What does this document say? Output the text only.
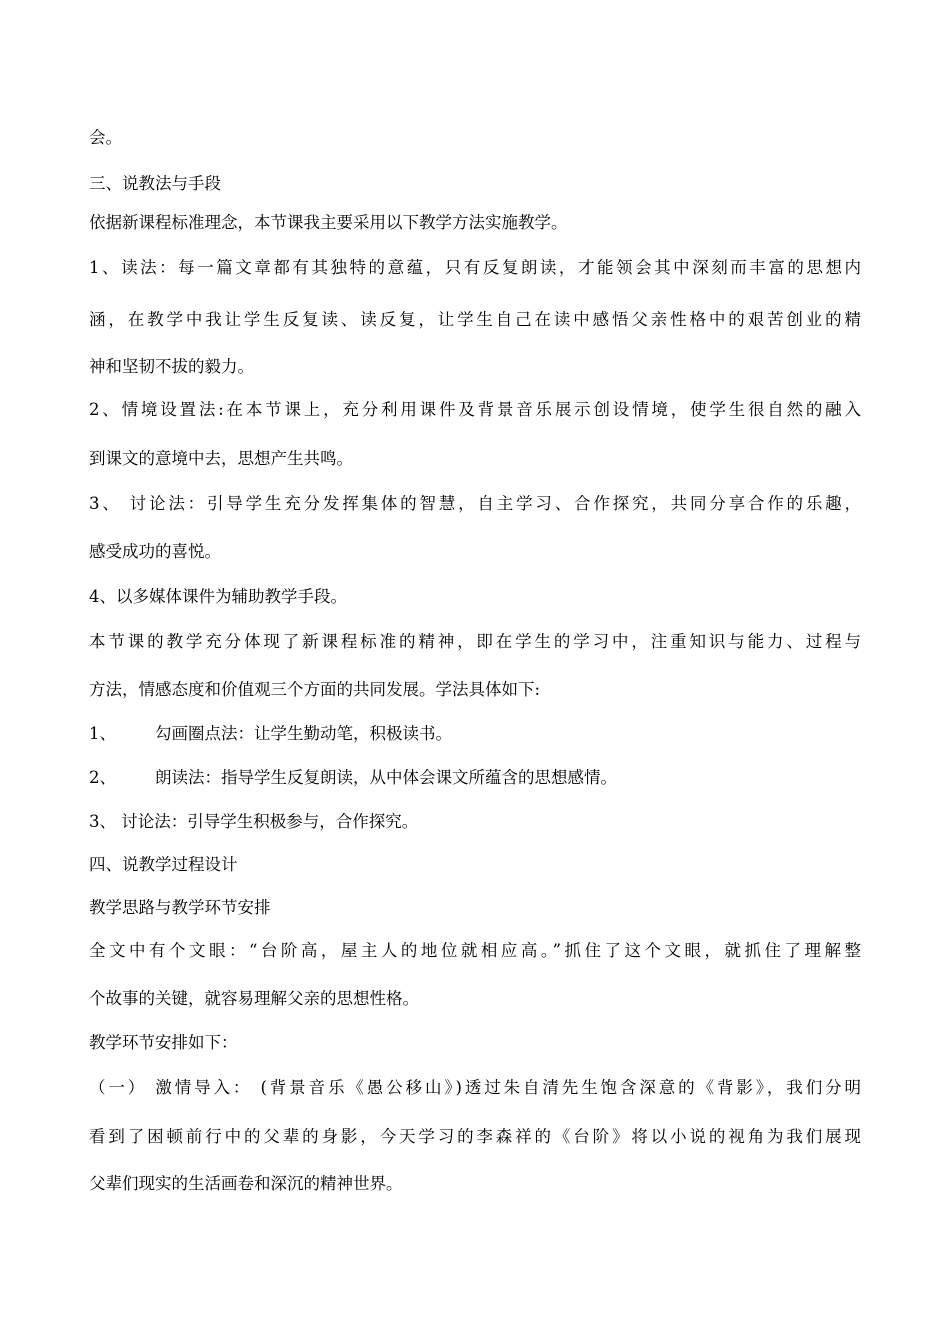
会。
三、说教法与手段
依据新课程标准理念，本节课我主要采用以下教学方法实施教学。
1、读法：每一篇文章都有其独特的意蕴，只有反复朗读，才能领会其中深刻而丰富的思想内
涵，在教学中我让学生反复读、读反复，让学生自己在读中感悟父亲性格中的艰苦创业的精
神和坚韧不拔的毅力。
2、情境设置法:在本节课上，充分利用课件及背景音乐展示创设情境，使学生很自然的融入
到课文的意境中去，思想产生共鸣。
3、 讨论法：引导学生充分发挥集体的智慧，自主学习、合作探究，共同分享合作的乐趣，
感受成功的喜悦。
4、以多媒体课件为辅助教学手段。
本节课的教学充分体现了新课程标准的精神，即在学生的学习中，注重知识与能力、过程与
方法，情感态度和价值观三个方面的共同发展。学法具体如下:
1、 勾画圈点法：让学生勤动笔，积极读书。
2、 朗读法：指导学生反复朗读，从中体会课文所蕴含的思想感情。
3、 讨论法：引导学生积极参与，合作探究。
四、说教学过程设计
教学思路与教学环节安排
全文中有个文眼：“台阶高，屋主人的地位就相应高。”抓住了这个文眼，就抓住了理解整
个故事的关键，就容易理解父亲的思想性格。
教学环节安排如下：
（一） 激情导入： (背景音乐《愚公移山》)透过朱自清先生饱含深意的《背影》，我们分明
看到了困顿前行中的父辈的身影，今天学习的李森祥的《台阶》将以小说的视角为我们展现
父辈们现实的生活画卷和深沉的精神世界。
